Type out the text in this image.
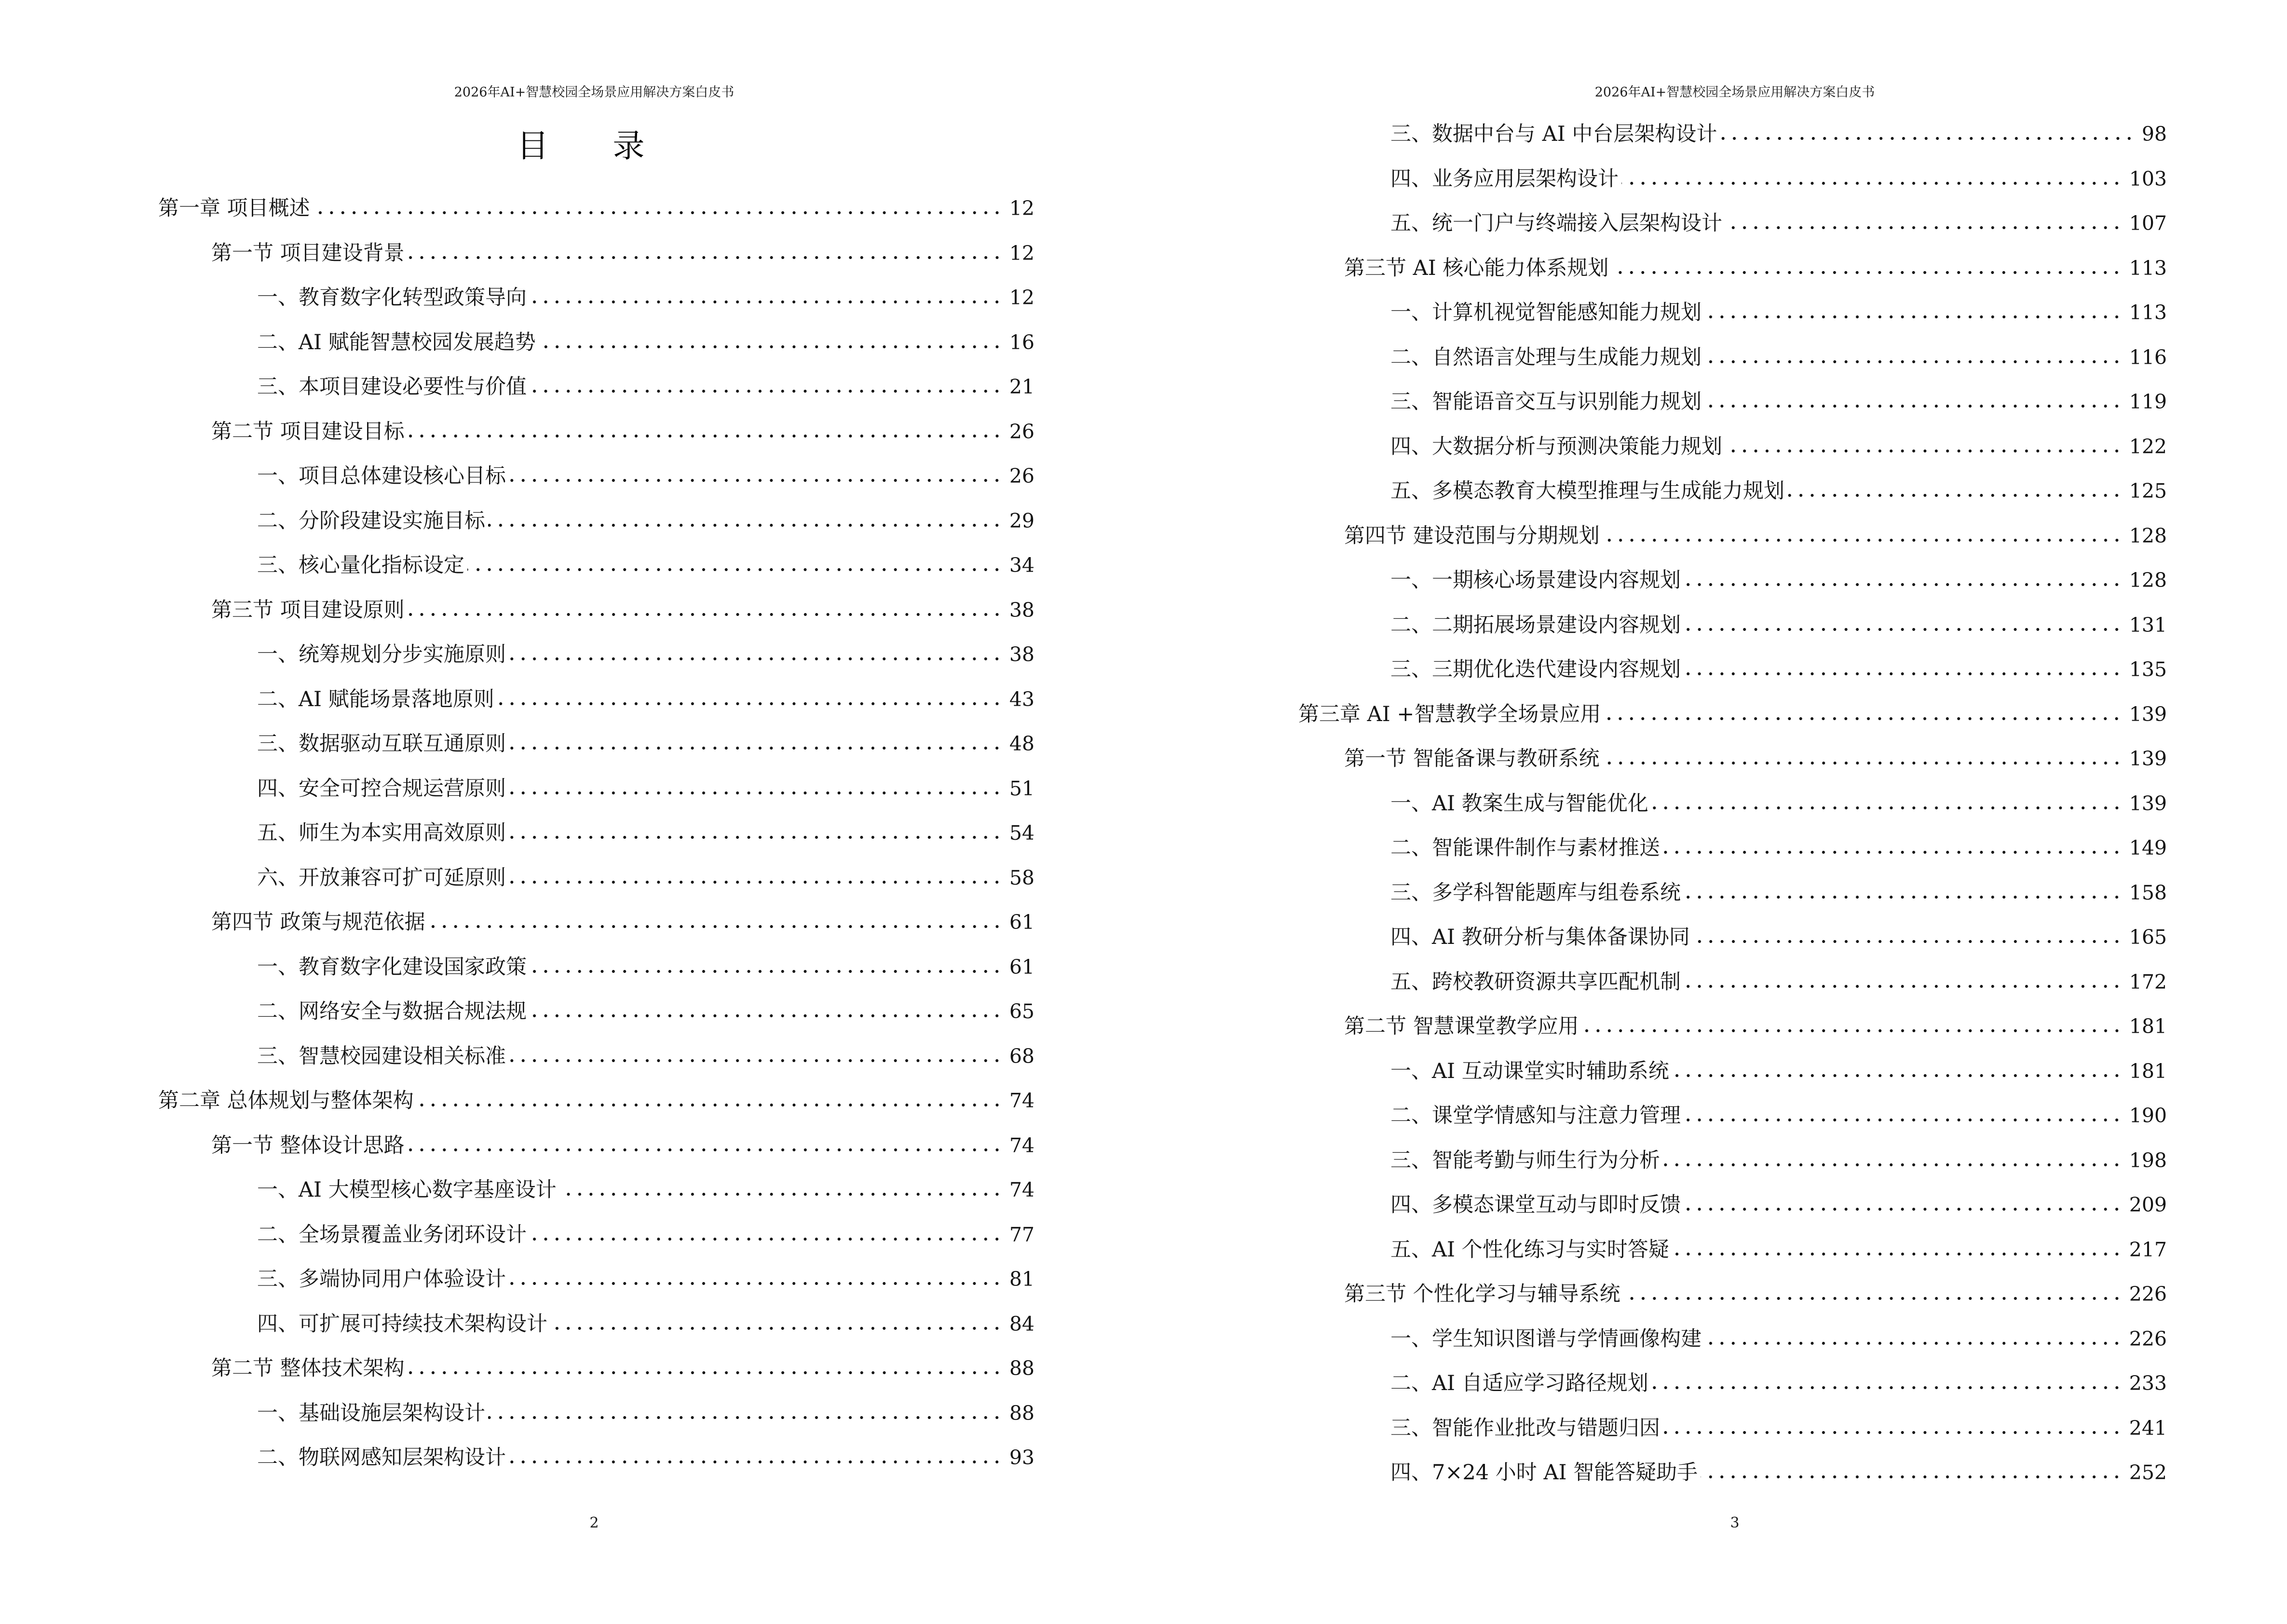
2026年AI+智慧校园全场景应用解决方案白皮书
目 录
第一章 项目概述	12
第一节 项目建设背景	12
一、教育数字化转型政策导向	12
二、AI 赋能智慧校园发展趋势	16
三、本项目建设必要性与价值	21
第二节 项目建设目标	26
一、项目总体建设核心目标	26
二、分阶段建设实施目标	29
三、核心量化指标设定	34
第三节 项目建设原则	38
一、统筹规划分步实施原则	38
二、AI 赋能场景落地原则	43
三、数据驱动互联互通原则	48
四、安全可控合规运营原则	51
五、师生为本实用高效原则	54
六、开放兼容可扩可延原则	58
第四节 政策与规范依据	61
一、教育数字化建设国家政策	61
二、网络安全与数据合规法规	65
三、智慧校园建设相关标准	68
第二章 总体规划与整体架构	74
第一节 整体设计思路	74
一、AI 大模型核心数字基座设计	74
二、全场景覆盖业务闭环设计	77
三、多端协同用户体验设计	81
四、可扩展可持续技术架构设计	84
第二节 整体技术架构	88
一、基础设施层架构设计	88
二、物联网感知层架构设计	93
2
2026年AI+智慧校园全场景应用解决方案白皮书
三、数据中台与 AI 中台层架构设计	98
四、业务应用层架构设计	103
五、统一门户与终端接入层架构设计	107
第三节 AI 核心能力体系规划	113
一、计算机视觉智能感知能力规划	113
二、自然语言处理与生成能力规划	116
三、智能语音交互与识别能力规划	119
四、大数据分析与预测决策能力规划	122
五、多模态教育大模型推理与生成能力规划	125
第四节 建设范围与分期规划	128
一、一期核心场景建设内容规划	128
二、二期拓展场景建设内容规划	131
三、三期优化迭代建设内容规划	135
第三章 AI +智慧教学全场景应用	139
第一节 智能备课与教研系统	139
一、AI 教案生成与智能优化	139
二、智能课件制作与素材推送	149
三、多学科智能题库与组卷系统	158
四、AI 教研分析与集体备课协同	165
五、跨校教研资源共享匹配机制	172
第二节 智慧课堂教学应用	181
一、AI 互动课堂实时辅助系统	181
二、课堂学情感知与注意力管理	190
三、智能考勤与师生行为分析	198
四、多模态课堂互动与即时反馈	209
五、AI 个性化练习与实时答疑	217
第三节 个性化学习与辅导系统	226
一、学生知识图谱与学情画像构建	226
二、AI 自适应学习路径规划	233
三、智能作业批改与错题归因	241
四、7×24 小时 AI 智能答疑助手	252
3
